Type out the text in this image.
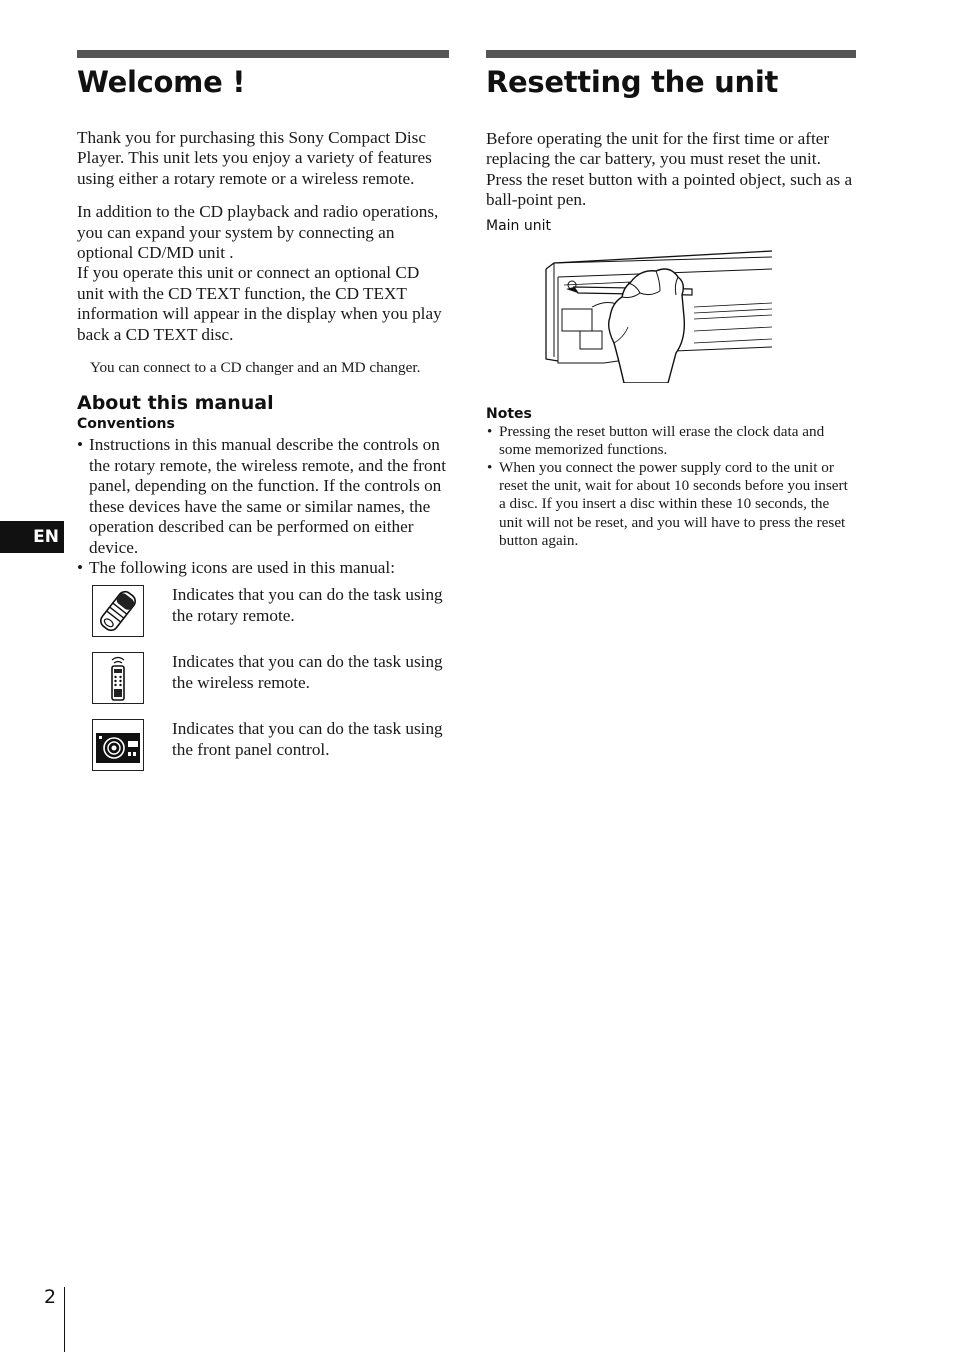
Welcome !

Thank you for purchasing this Sony Compact Disc Player. This unit lets you enjoy a variety of features using either a rotary remote or a wireless remote.

In addition to the CD playback and radio operations, you can expand your system by connecting an optional CD/MD unit .

If you operate this unit or connect an optional CD unit with the CD TEXT function, the CD TEXT information will appear in the display when you play back a CD TEXT disc.

You can connect to a CD changer and an MD changer.

About this manual
Conventions
• Instructions in this manual describe the controls on the rotary remote, the wireless remote, and the front panel, depending on the function. If the controls on these devices have the same or similar names, the operation described can be performed on either device.
• The following icons are used in this manual:
Indicates that you can do the task using the rotary remote.
Indicates that you can do the task using the wireless remote.
Indicates that you can do the task using the front panel control.
Resetting the unit

Before operating the unit for the first time or after replacing the car battery, you must reset the unit.

Press the reset button with a pointed object, such as a ball-point pen.

Main unit
Notes
• Pressing the reset button will erase the clock data and some memorized functions.
• When you connect the power supply cord to the unit or reset the unit, wait for about 10 seconds before you insert a disc. If you insert a disc within these 10 seconds, the unit will not be reset, and you will have to press the reset button again.
EN
2
